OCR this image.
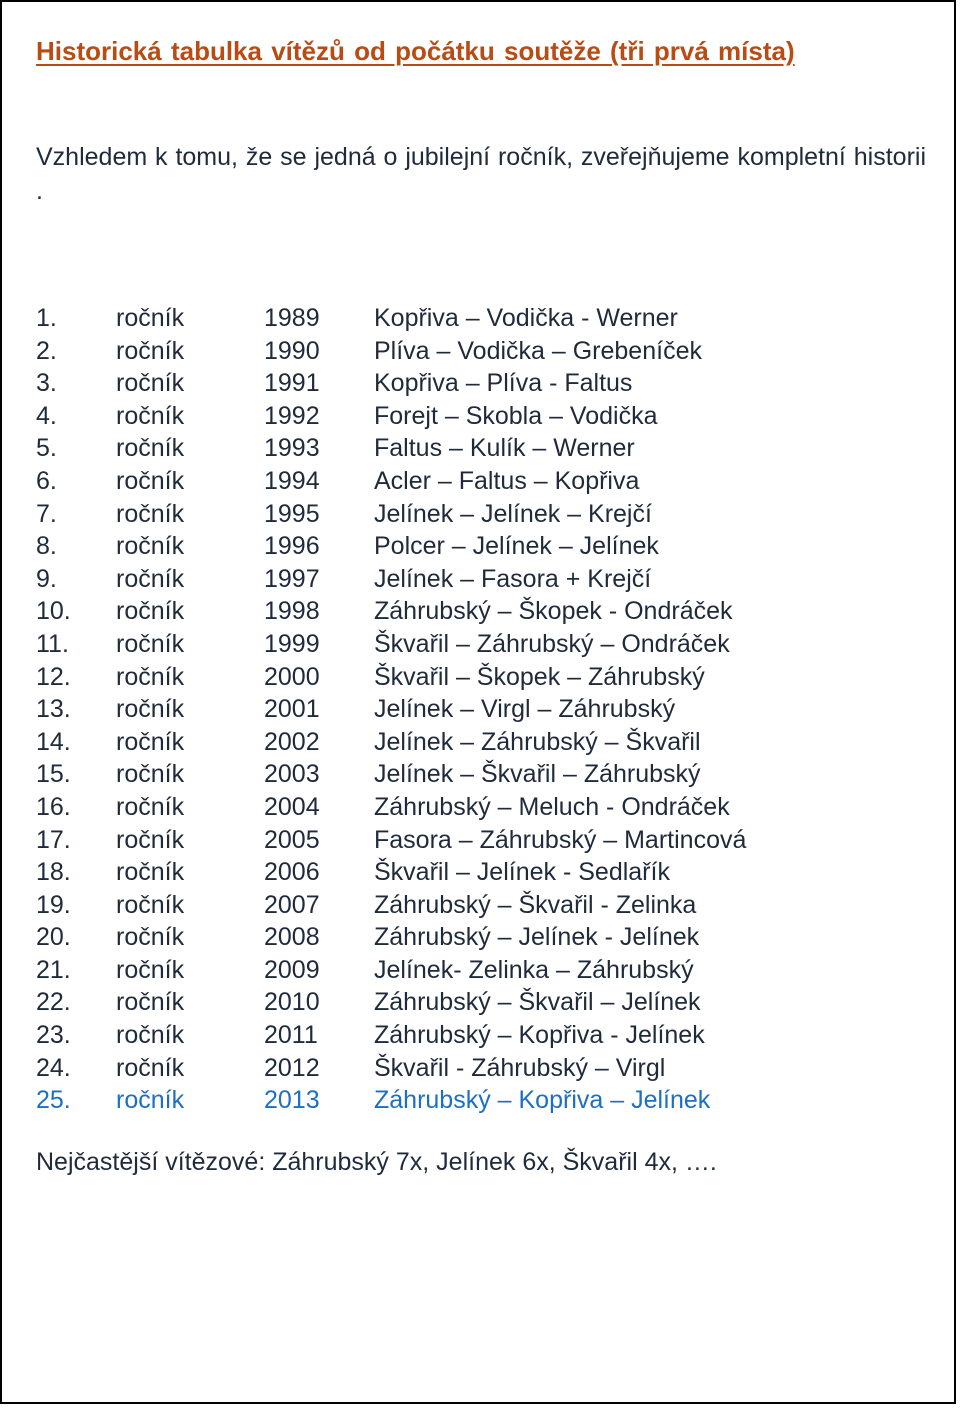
Historická tabulka vítězů od počátku soutěže (tři prvá místa)
Vzhledem k tomu, že se jedná o jubilejní ročník, zveřejňujeme kompletní historii .
1. ročník	1989 Kopřiva – Vodička - Werner
2. ročník	1990 Plíva – Vodička – Grebeníček
3. ročník	1991 Kopřiva – Plíva - Faltus
4. ročník	1992 Forejt – Skobla – Vodička
5. ročník	1993 Faltus – Kulík – Werner
6. ročník	1994 Acler – Faltus – Kopřiva
7. ročník	1995 Jelínek – Jelínek – Krejčí
8. ročník	1996 Polcer – Jelínek – Jelínek
9. ročník	1997 Jelínek – Fasora + Krejčí
10. ročník	1998 Záhrubský – Škopek - Ondráček
11. ročník	1999 Škvařil – Záhrubský – Ondráček
12. ročník	2000 Škvařil – Škopek – Záhrubský
13. ročník	2001 Jelínek – Virgl – Záhrubský
14. ročník	2002 Jelínek – Záhrubský – Škvařil
15. ročník	2003 Jelínek – Škvařil – Záhrubský
16. ročník	2004 Záhrubský – Meluch - Ondráček
17. ročník	2005 Fasora – Záhrubský – Martincová
18. ročník	2006 Škvařil – Jelínek - Sedlařík
19. ročník	2007 Záhrubský – Škvařil - Zelinka
20. ročník	2008 Záhrubský – Jelínek - Jelínek
21. ročník	2009 Jelínek- Zelinka – Záhrubský
22. ročník	2010 Záhrubský – Škvařil – Jelínek
23. ročník	2011 Záhrubský – Kopřiva - Jelínek
24. ročník	2012 Škvařil - Záhrubský – Virgl
25. ročník	2013 Záhrubský – Kopřiva – Jelínek
Nejčastější vítězové: Záhrubský 7x, Jelínek 6x, Škvařil 4x, ….
